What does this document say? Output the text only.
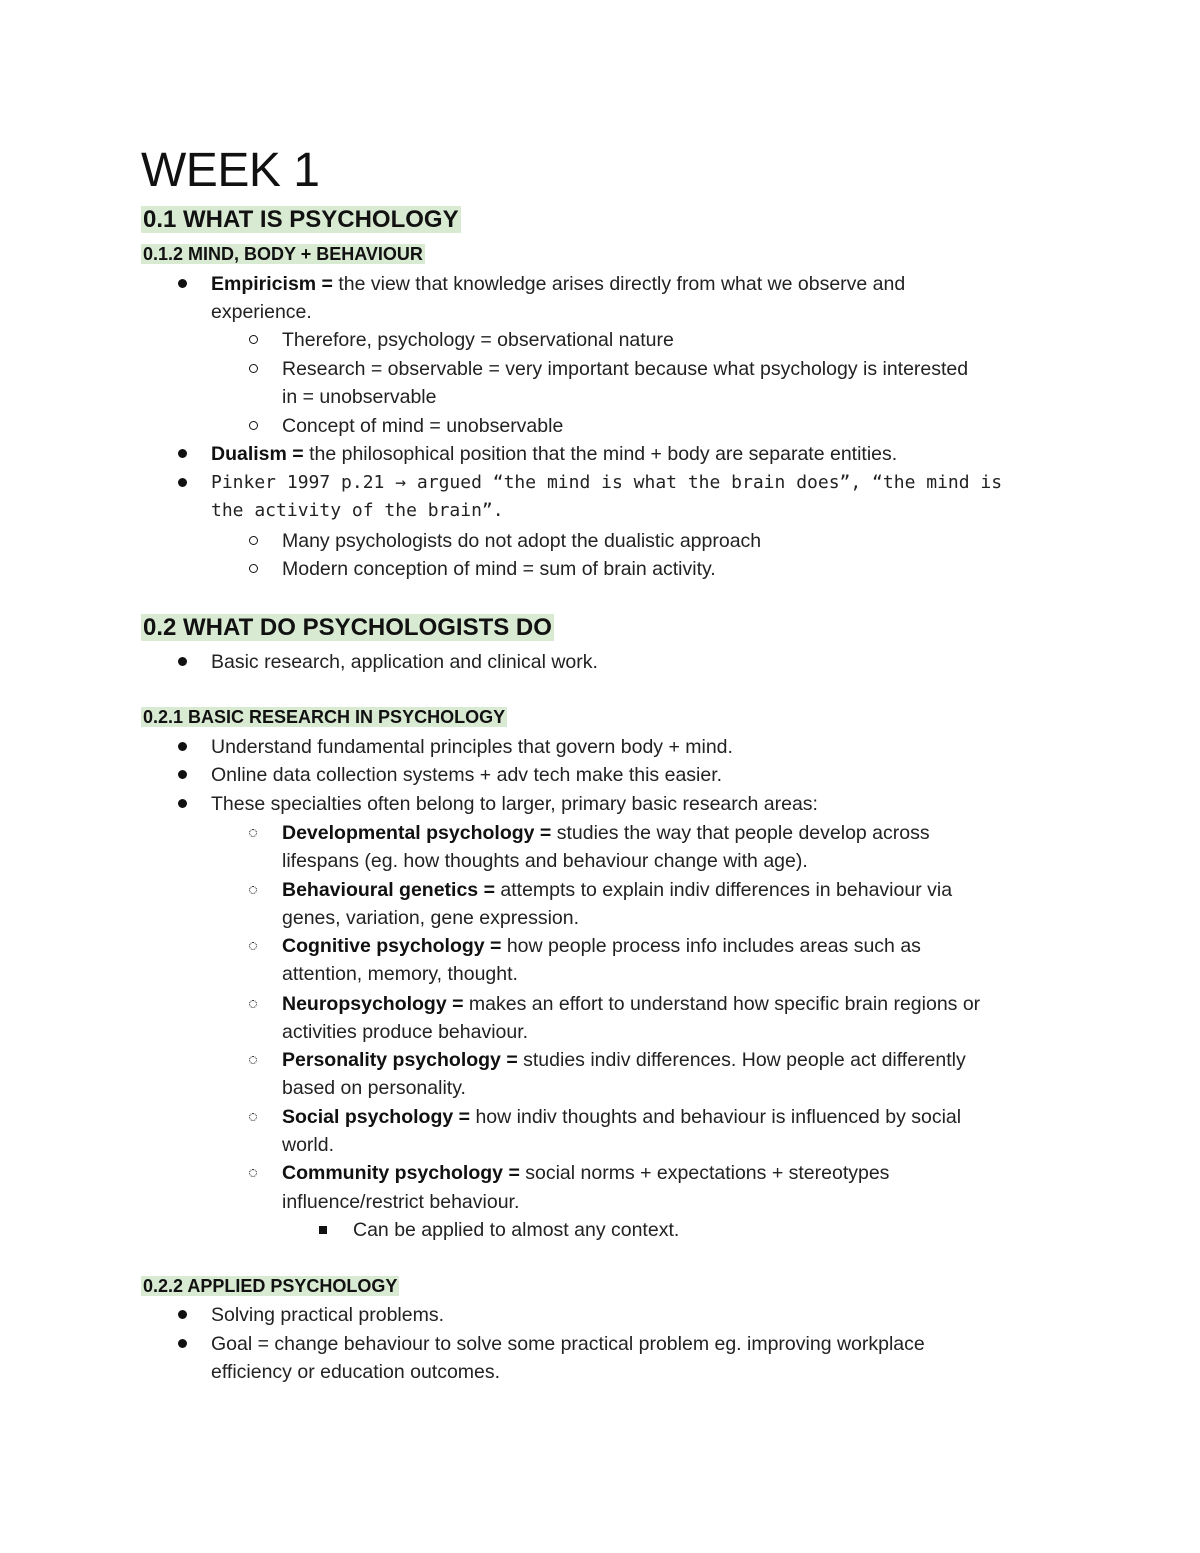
WEEK 1
0.1 WHAT IS PSYCHOLOGY
0.1.2 MIND, BODY + BEHAVIOUR
Empiricism = the view that knowledge arises directly from what we observe and
experience.
Therefore, psychology = observational nature
Research = observable = very important because what psychology is interested
in = unobservable
Concept of mind = unobservable
Dualism = the philosophical position that the mind + body are separate entities.
Pinker 1997 p.21 → argued “the mind is what the brain does”, “the mind is
the activity of the brain”.
Many psychologists do not adopt the dualistic approach
Modern conception of mind = sum of brain activity.
0.2 WHAT DO PSYCHOLOGISTS DO
Basic research, application and clinical work.
0.2.1 BASIC RESEARCH IN PSYCHOLOGY
Understand fundamental principles that govern body + mind.
Online data collection systems + adv tech make this easier.
These specialties often belong to larger, primary basic research areas:
Developmental psychology = studies the way that people develop across
lifespans (eg. how thoughts and behaviour change with age).
Behavioural genetics = attempts to explain indiv differences in behaviour via
genes, variation, gene expression.
Cognitive psychology = how people process info includes areas such as
attention, memory, thought.
Neuropsychology = makes an effort to understand how specific brain regions or
activities produce behaviour.
Personality psychology = studies indiv differences. How people act differently
based on personality.
Social psychology = how indiv thoughts and behaviour is influenced by social
world.
Community psychology = social norms + expectations + stereotypes
influence/restrict behaviour.
Can be applied to almost any context.
0.2.2 APPLIED PSYCHOLOGY
Solving practical problems.
Goal = change behaviour to solve some practical problem eg. improving workplace
efficiency or education outcomes.
